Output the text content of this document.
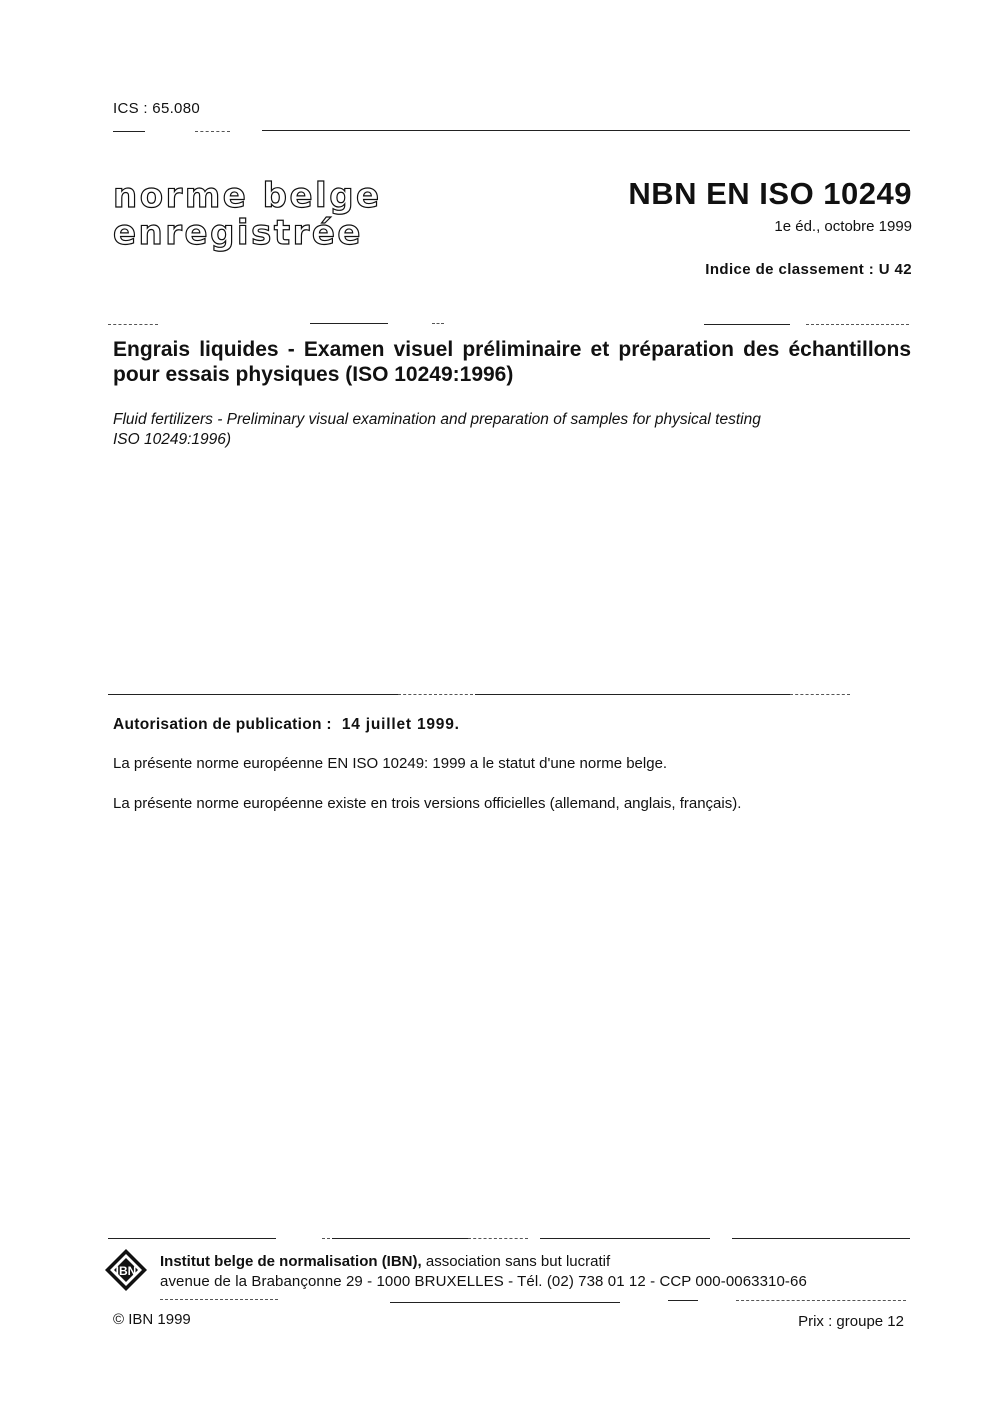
ICS : 65.080
norme belge
enregistrée
NBN EN ISO 10249
1e éd., octobre 1999
Indice de classement : U 42
Engrais liquides - Examen visuel préliminaire et préparation des échantillons pour essais physiques (ISO 10249:1996)
Fluid fertilizers - Preliminary visual examination and preparation of samples for physical testing
ISO 10249:1996)
Autorisation de publication : 14 juillet 1999.
La présente norme européenne EN ISO 10249: 1999 a le statut d'une norme belge.
La présente norme européenne existe en trois versions officielles (allemand, anglais, français).
IBN
Institut belge de normalisation (IBN), association sans but lucratif
avenue de la Brabançonne 29 - 1000 BRUXELLES - Tél. (02) 738 01 12 - CCP 000-0063310-66
© IBN 1999	Prix : groupe 12
